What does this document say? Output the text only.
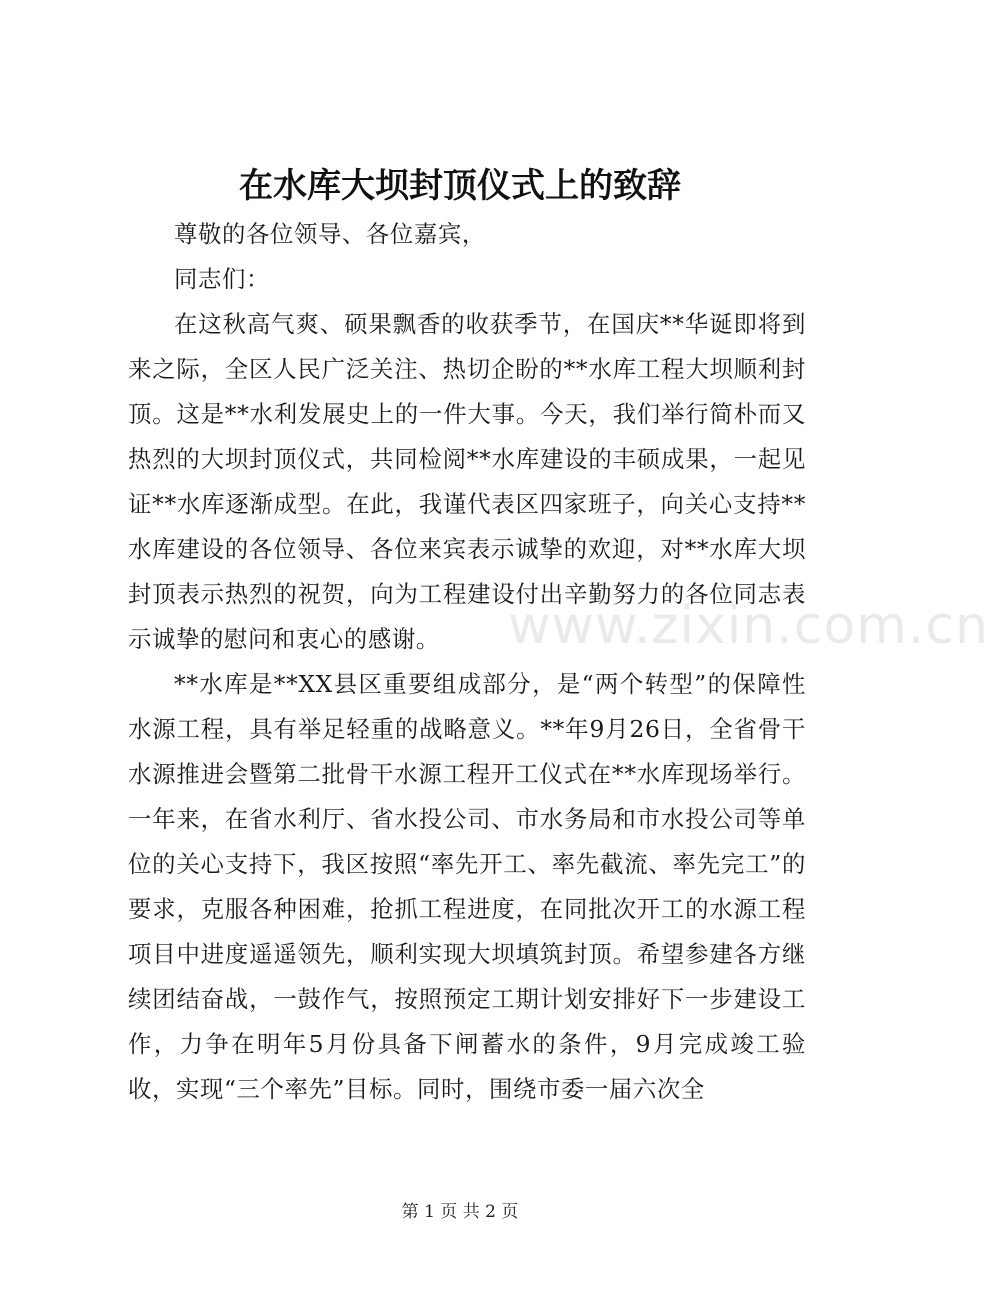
在水库大坝封顶仪式上的致辞

尊敬的各位领导、各位嘉宾，

同志们：

在这秋高气爽、硕果飘香的收获季节，在国庆**华诞即将到来之际，全区人民广泛关注、热切企盼的**水库工程大坝顺利封顶。这是**水利发展史上的一件大事。今天，我们举行简朴而又热烈的大坝封顶仪式，共同检阅**水库建设的丰硕成果，一起见证**水库逐渐成型。在此，我谨代表区四家班子，向关心支持**水库建设的各位领导、各位来宾表示诚挚的欢迎，对**水库大坝封顶表示热烈的祝贺，向为工程建设付出辛勤努力的各位同志表示诚挚的慰问和衷心的感谢。

**水库是**XX县区重要组成部分，是“两个转型”的保障性水源工程，具有举足轻重的战略意义。**年9月26日，全省骨干水源推进会暨第二批骨干水源工程开工仪式在**水库现场举行。一年来，在省水利厅、省水投公司、市水务局和市水投公司等单位的关心支持下，我区按照“率先开工、率先截流、率先完工”的要求，克服各种困难，抢抓工程进度，在同批次开工的水源工程项目中进度遥遥领先，顺利实现大坝填筑封顶。希望参建各方继续团结奋战，一鼓作气，按照预定工期计划安排好下一步建设工作，力争在明年5月份具备下闸蓄水的条件，9月完成竣工验收，实现“三个率先”目标。同时，围绕市委一届六次全

www.zixin.com.cn
第 1 页 共 2 页
